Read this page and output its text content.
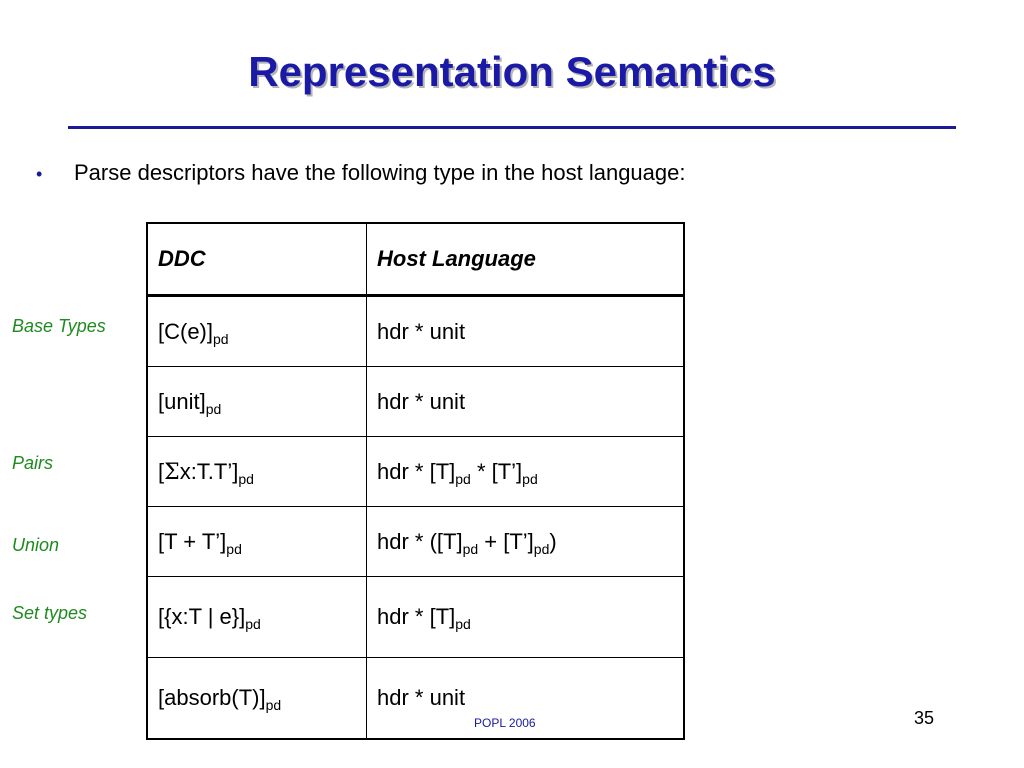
Representation Semantics
• Parse descriptors have the following type in the host language:
Base Types
Pairs
Union
Set types
DDC	Host Language
$[C(e)]_{pd}$	hdr * unit
$[unit]_{pd}$	hdr * unit
$[\Sigma x:T.T’]_{pd}$	hdr * $[T]_{pd}$ * $[T’]_{pd}$
$[T + T’]_{pd}$	hdr * ($[T]_{pd}$ + $[T’]_{pd}$)
[{x:T | $e\}]_{pd}$	hdr * $[T]_{pd}$
$[absorb(T)]_{pd}$	hdr * unit
POPL 2006	35
